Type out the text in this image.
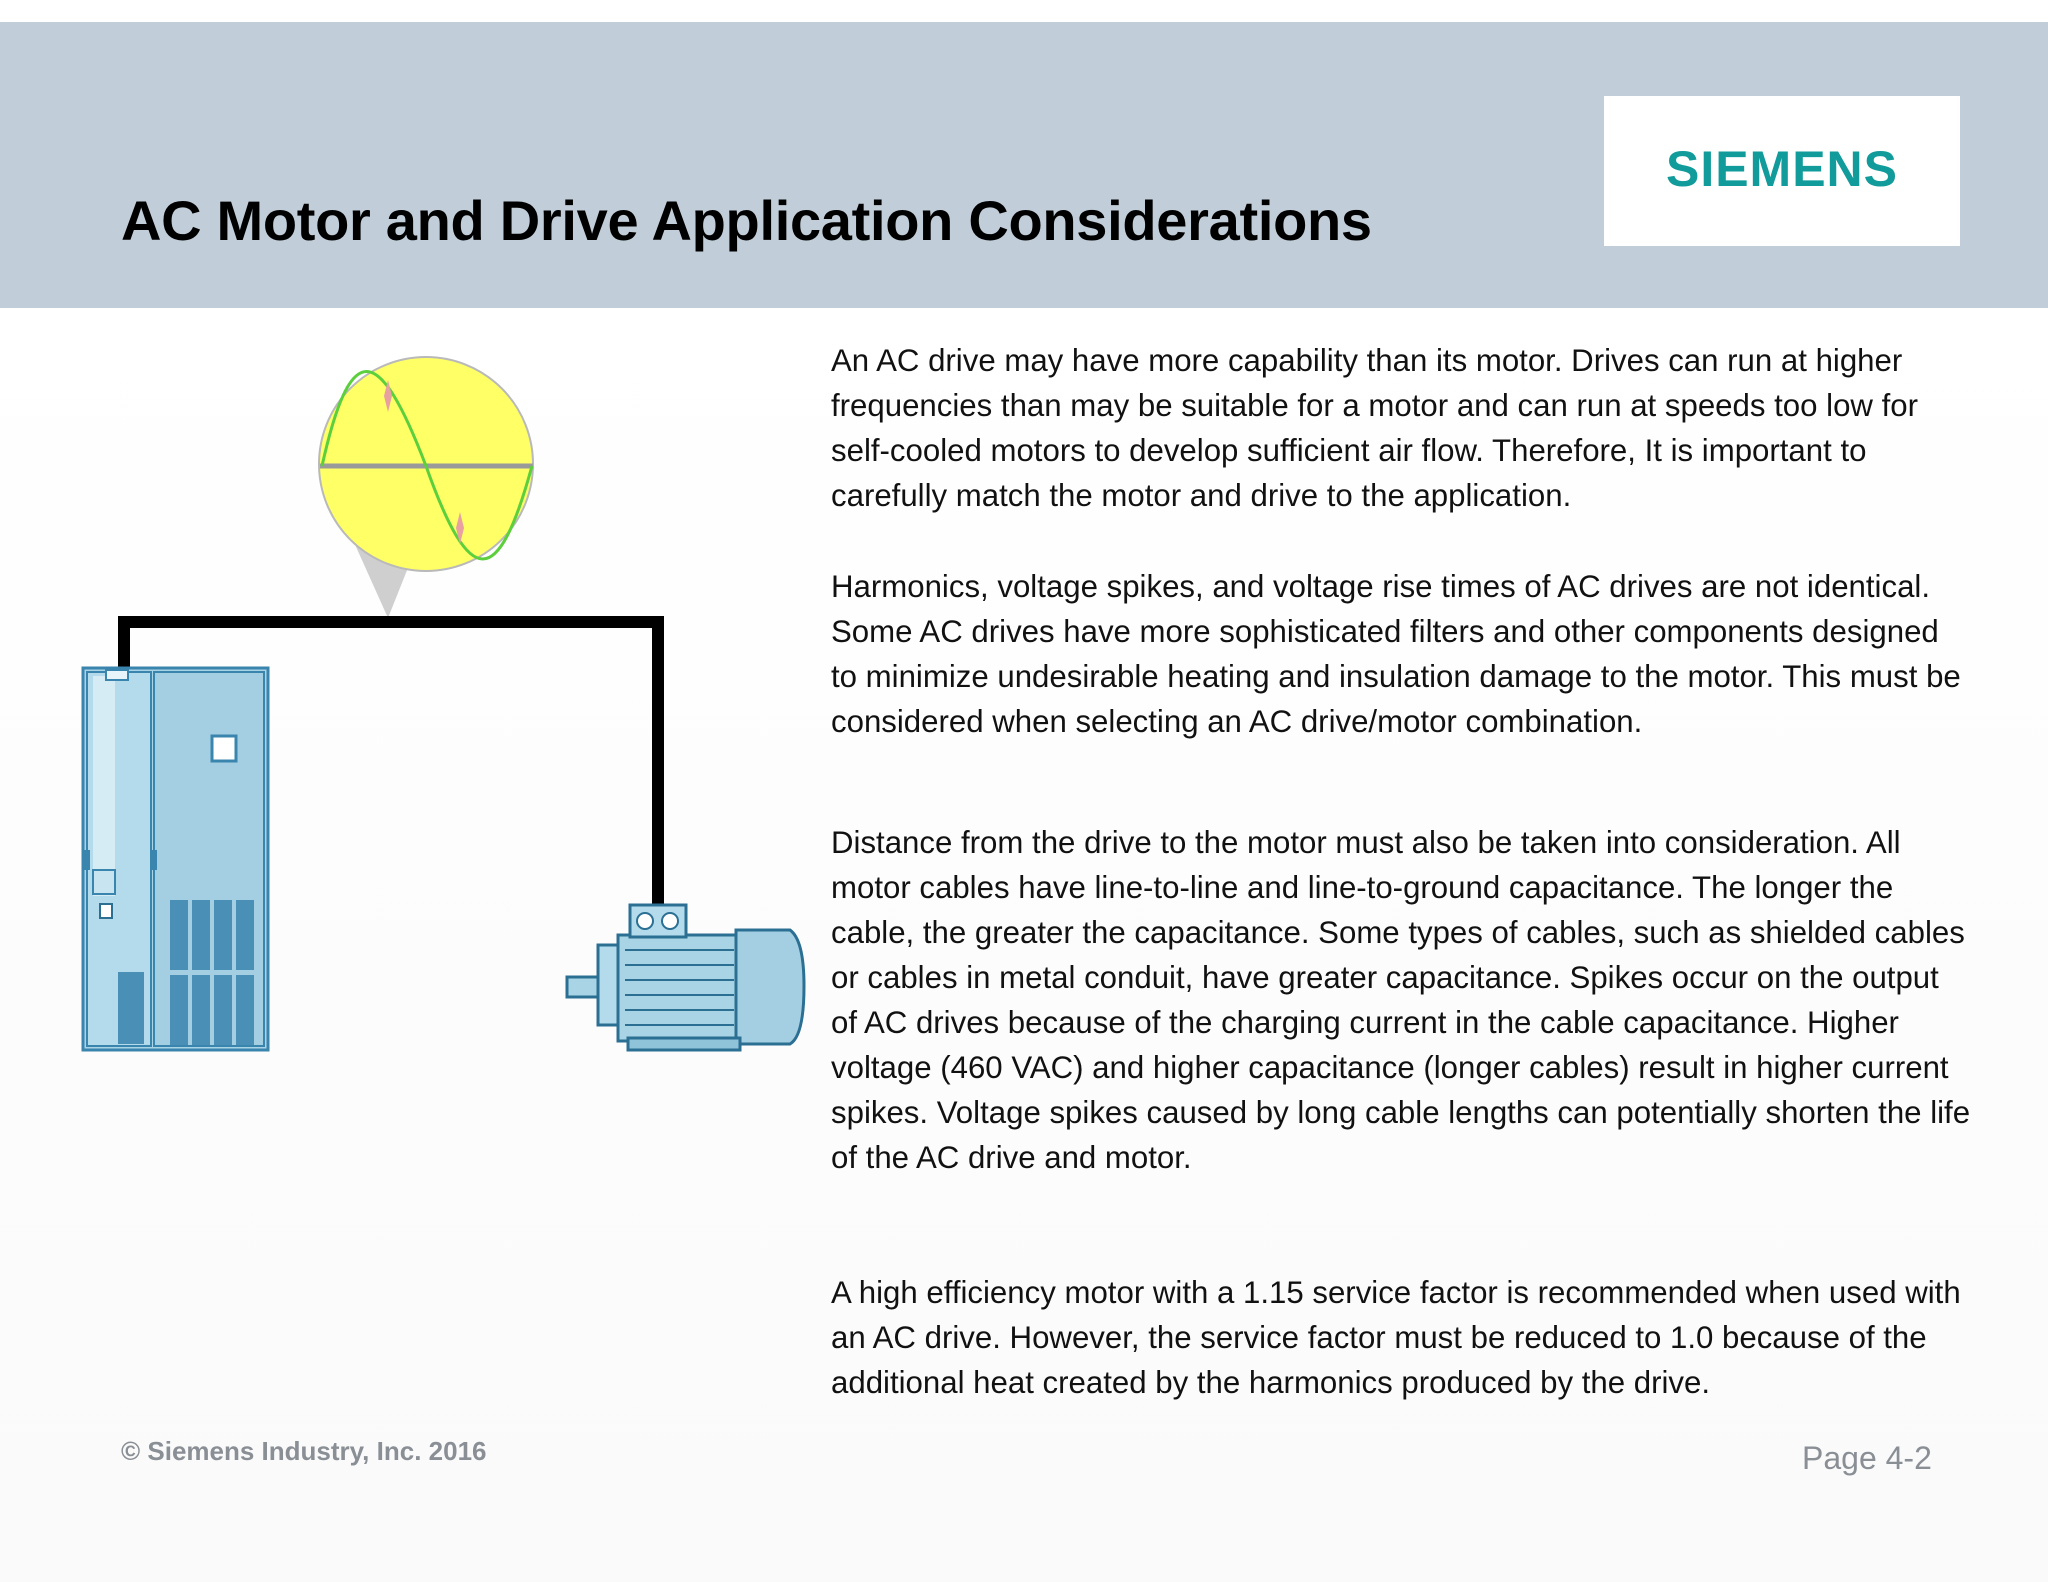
AC Motor and Drive Application Considerations
SIEMENS

An AC drive may have more capability than its motor. Drives can run at higher frequencies than may be suitable for a motor and can run at speeds too low for self-cooled motors to develop sufficient air flow. Therefore, It is important to carefully match the motor and drive to the application.

Harmonics, voltage spikes, and voltage rise times of AC drives are not identical. Some AC drives have more sophisticated filters and other components designed to minimize undesirable heating and insulation damage to the motor. This must be considered when selecting an AC drive/motor combination.

Distance from the drive to the motor must also be taken into consideration. All motor cables have line-to-line and line-to-ground capacitance. The longer the cable, the greater the capacitance. Some types of cables, such as shielded cables or cables in metal conduit, have greater capacitance. Spikes occur on the output of AC drives because of the charging current in the cable capacitance. Higher voltage (460 VAC) and higher capacitance (longer cables) result in higher current spikes. Voltage spikes caused by long cable lengths can potentially shorten the life of the AC drive and motor.

A high efficiency motor with a 1.15 service factor is recommended when used with an AC drive. However, the service factor must be reduced to 1.0 because of the additional heat created by the harmonics produced by the drive.

© Siemens Industry, Inc. 2016	Page 4-2
